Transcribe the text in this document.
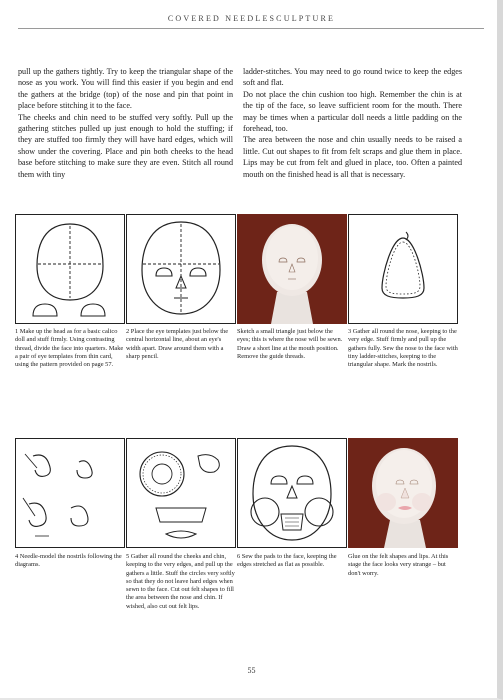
COVERED NEEDLESCULPTURE

pull up the gathers tightly. Try to keep the triangular shape of the nose as you work. You will find this easier if you begin and end the gathers at the bridge (top) of the nose and pin that point in place before stitching it to the face.

The cheeks and chin need to be stuffed very softly. Pull up the gathering stitches pulled up just enough to hold the stuffing; if they are stuffed too firmly they will have hard edges, which will show under the covering. Place and pin both cheeks to the head base before stitching to make sure they are even. Stitch all round them with tiny

ladder-stitches. You may need to go round twice to keep the edges soft and flat.

Do not place the chin cushion too high. Remember the chin is at the tip of the face, so leave sufficient room for the mouth. There may be times when a particular doll needs a little padding on the forehead, too.

The area between the nose and chin usually needs to be raised a little. Cut out shapes to fit from felt scraps and glue them in place. Lips may be cut from felt and glued in place, too. Often a painted mouth on the finished head is all that is necessary.

1 Make up the head as for a basic calico doll and stuff firmly. Using contrasting thread, divide the face into quarters. Make a pair of eye templates from thin card, using the pattern provided on page 57.
2 Place the eye templates just below the central horizontal line, about an eye's width apart. Draw around them with a sharp pencil.
Sketch a small triangle just below the eyes; this is where the nose will be sewn. Draw a short line at the mouth position. Remove the guide threads.
3 Gather all round the nose, keeping to the very edge. Stuff firmly and pull up the gathers fully. Sew the nose to the face with tiny ladder-stitches, keeping to the triangular shape. Mark the nostrils.
4 Needle-model the nostrils following the diagrams.
5 Gather all round the cheeks and chin, keeping to the very edges, and pull up the gathers a little. Stuff the circles very softly so that they do not leave hard edges when sewn to the face. Cut out felt shapes to fill the area between the nose and chin. If wished, also cut out felt lips.
6 Sew the pads to the face, keeping the edges stretched as flat as possible.
Glue on the felt shapes and lips. At this stage the face looks very strange – but don't worry.
55
